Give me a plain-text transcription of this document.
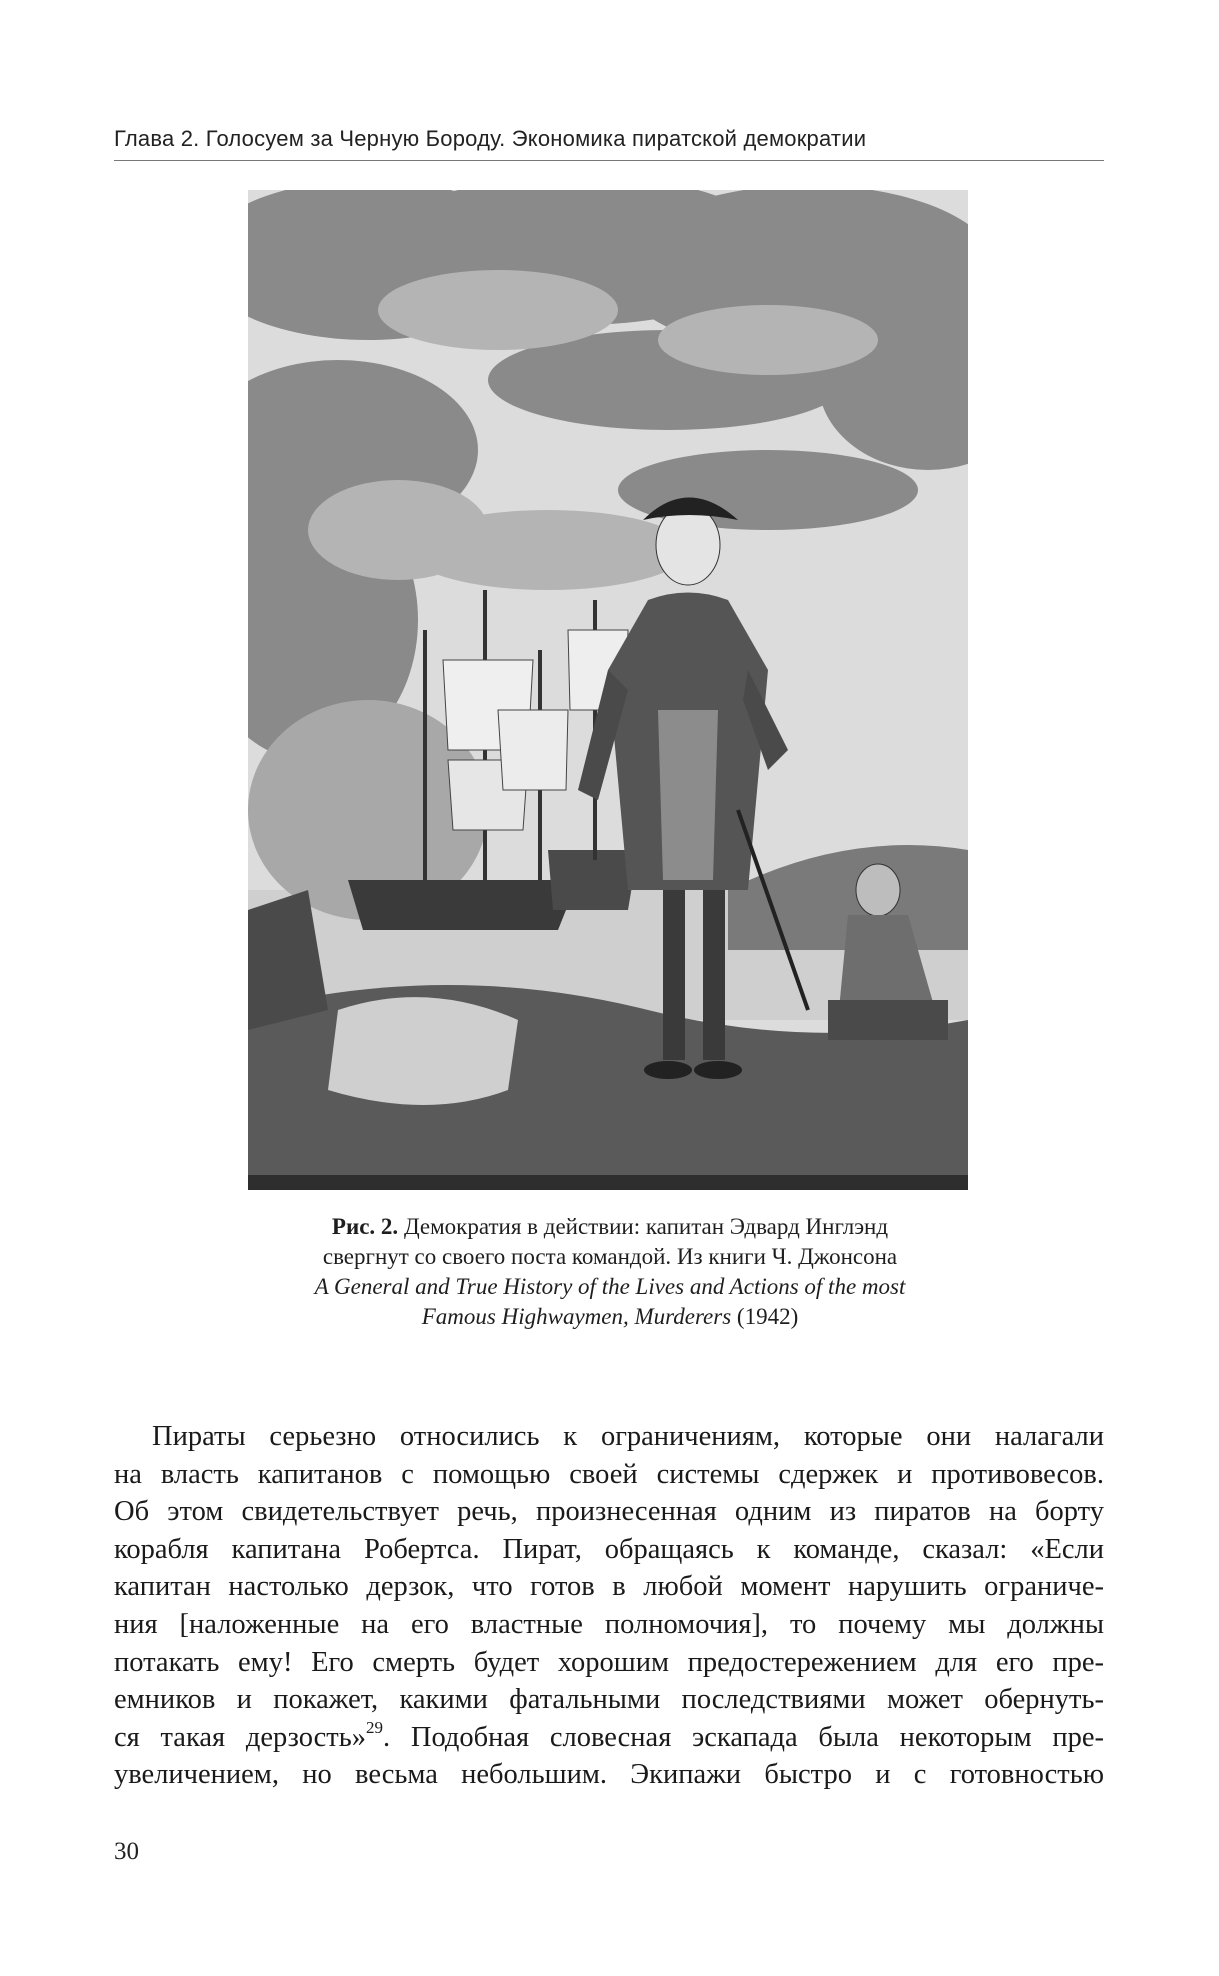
Глава 2. Голосуем за Черную Бороду. Экономика пиратской демократии
Рис. 2. Демократия в действии: капитан Эдвард Инглэнд
свергнут со своего поста командой. Из книги Ч. Джонсона
A General and True History of the Lives and Actions of the most
Famous Highwaymen, Murderers (1942)
Пираты серьезно относились к ограничениям, которые они налагали
на власть капитанов с помощью своей системы сдержек и противовесов.
Об этом свидетельствует речь, произнесенная одним из пиратов на борту
корабля капитана Робертса. Пират, обращаясь к команде, сказал: «Если
капитан настолько дерзок, что готов в любой момент нарушить ограниче-
ния [наложенные на его властные полномочия], то почему мы должны
потакать ему! Его смерть будет хорошим предостережением для его пре-
емников и покажет, какими фатальными последствиями может обернуть-
ся такая дерзость»$^{29}$. Подобная словесная эскапада была некоторым пре-
увеличением, но весьма небольшим. Экипажи быстро и с готовностью
30
